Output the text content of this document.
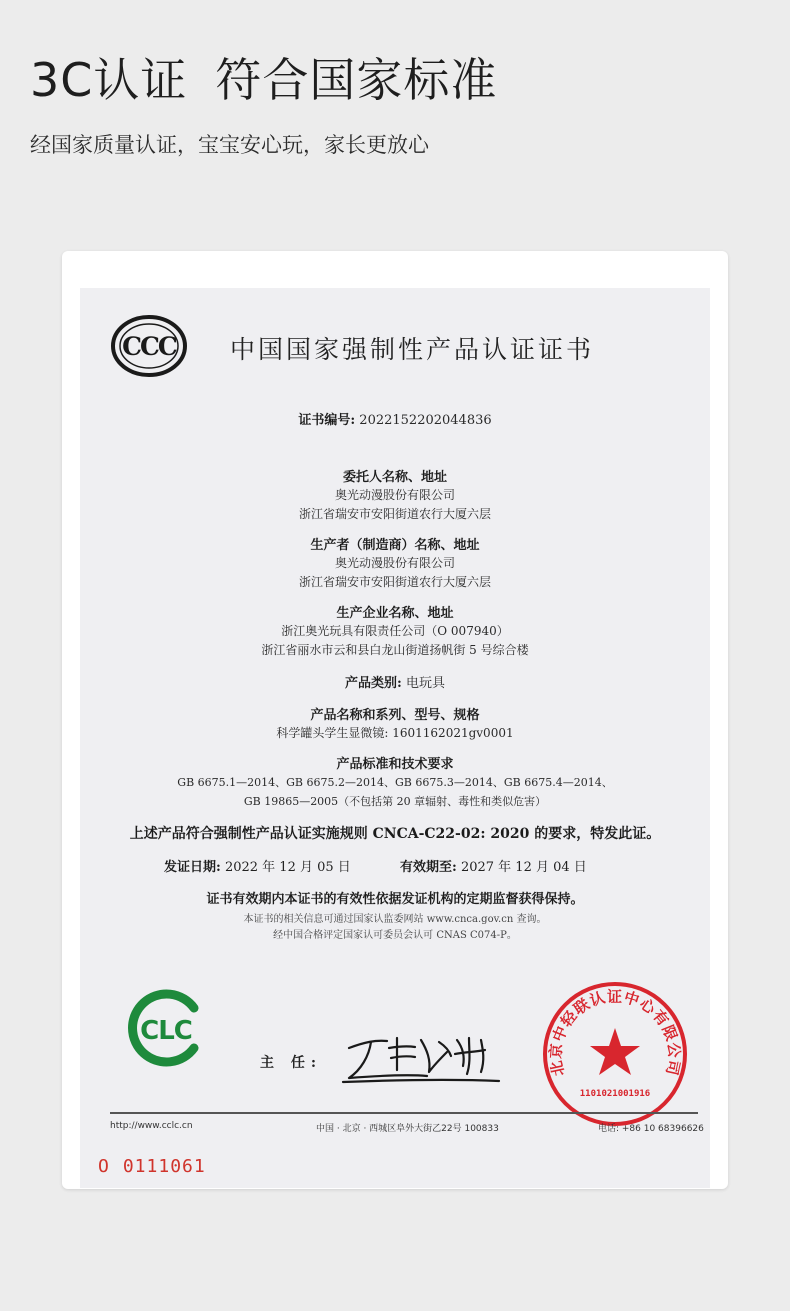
3C认证 符合国家标准
经国家质量认证，宝宝安心玩，家长更放心
CCC 中国国家强制性产品认证证书
证书编号: 2022152202044836
委托人名称、地址
奥光动漫股份有限公司
浙江省瑞安市安阳街道农行大厦六层
生产者（制造商）名称、地址
奥光动漫股份有限公司
浙江省瑞安市安阳街道农行大厦六层
生产企业名称、地址
浙江奥光玩具有限责任公司（O 007940）
浙江省丽水市云和县白龙山街道扬帆街 5 号综合楼
产品类别: 电玩具
产品名称和系列、型号、规格
科学罐头学生显微镜: 1601162021gv0001
产品标准和技术要求
GB 6675.1—2014、GB 6675.2—2014、GB 6675.3—2014、GB 6675.4—2014、
GB 19865—2005（不包括第 20 章辐射、毒性和类似危害）
上述产品符合强制性产品认证实施规则 CNCA-C22-02: 2020 的要求，特发此证。
发证日期: 2022 年 12 月 05 日	有效期至: 2027 年 12 月 04 日
证书有效期内本证书的有效性依据发证机构的定期监督获得保持。
本证书的相关信息可通过国家认监委网站 www.cnca.gov.cn 查询。
经中国合格评定国家认可委员会认可 CNAS C074-P。
CLC
主 任:	北京中轻联认证中心有限公司
1101021001916
http://www.cclc.cn	中国 · 北京 · 西城区阜外大街乙22号 100833	电话: +86 10 68396626
O 0111061
